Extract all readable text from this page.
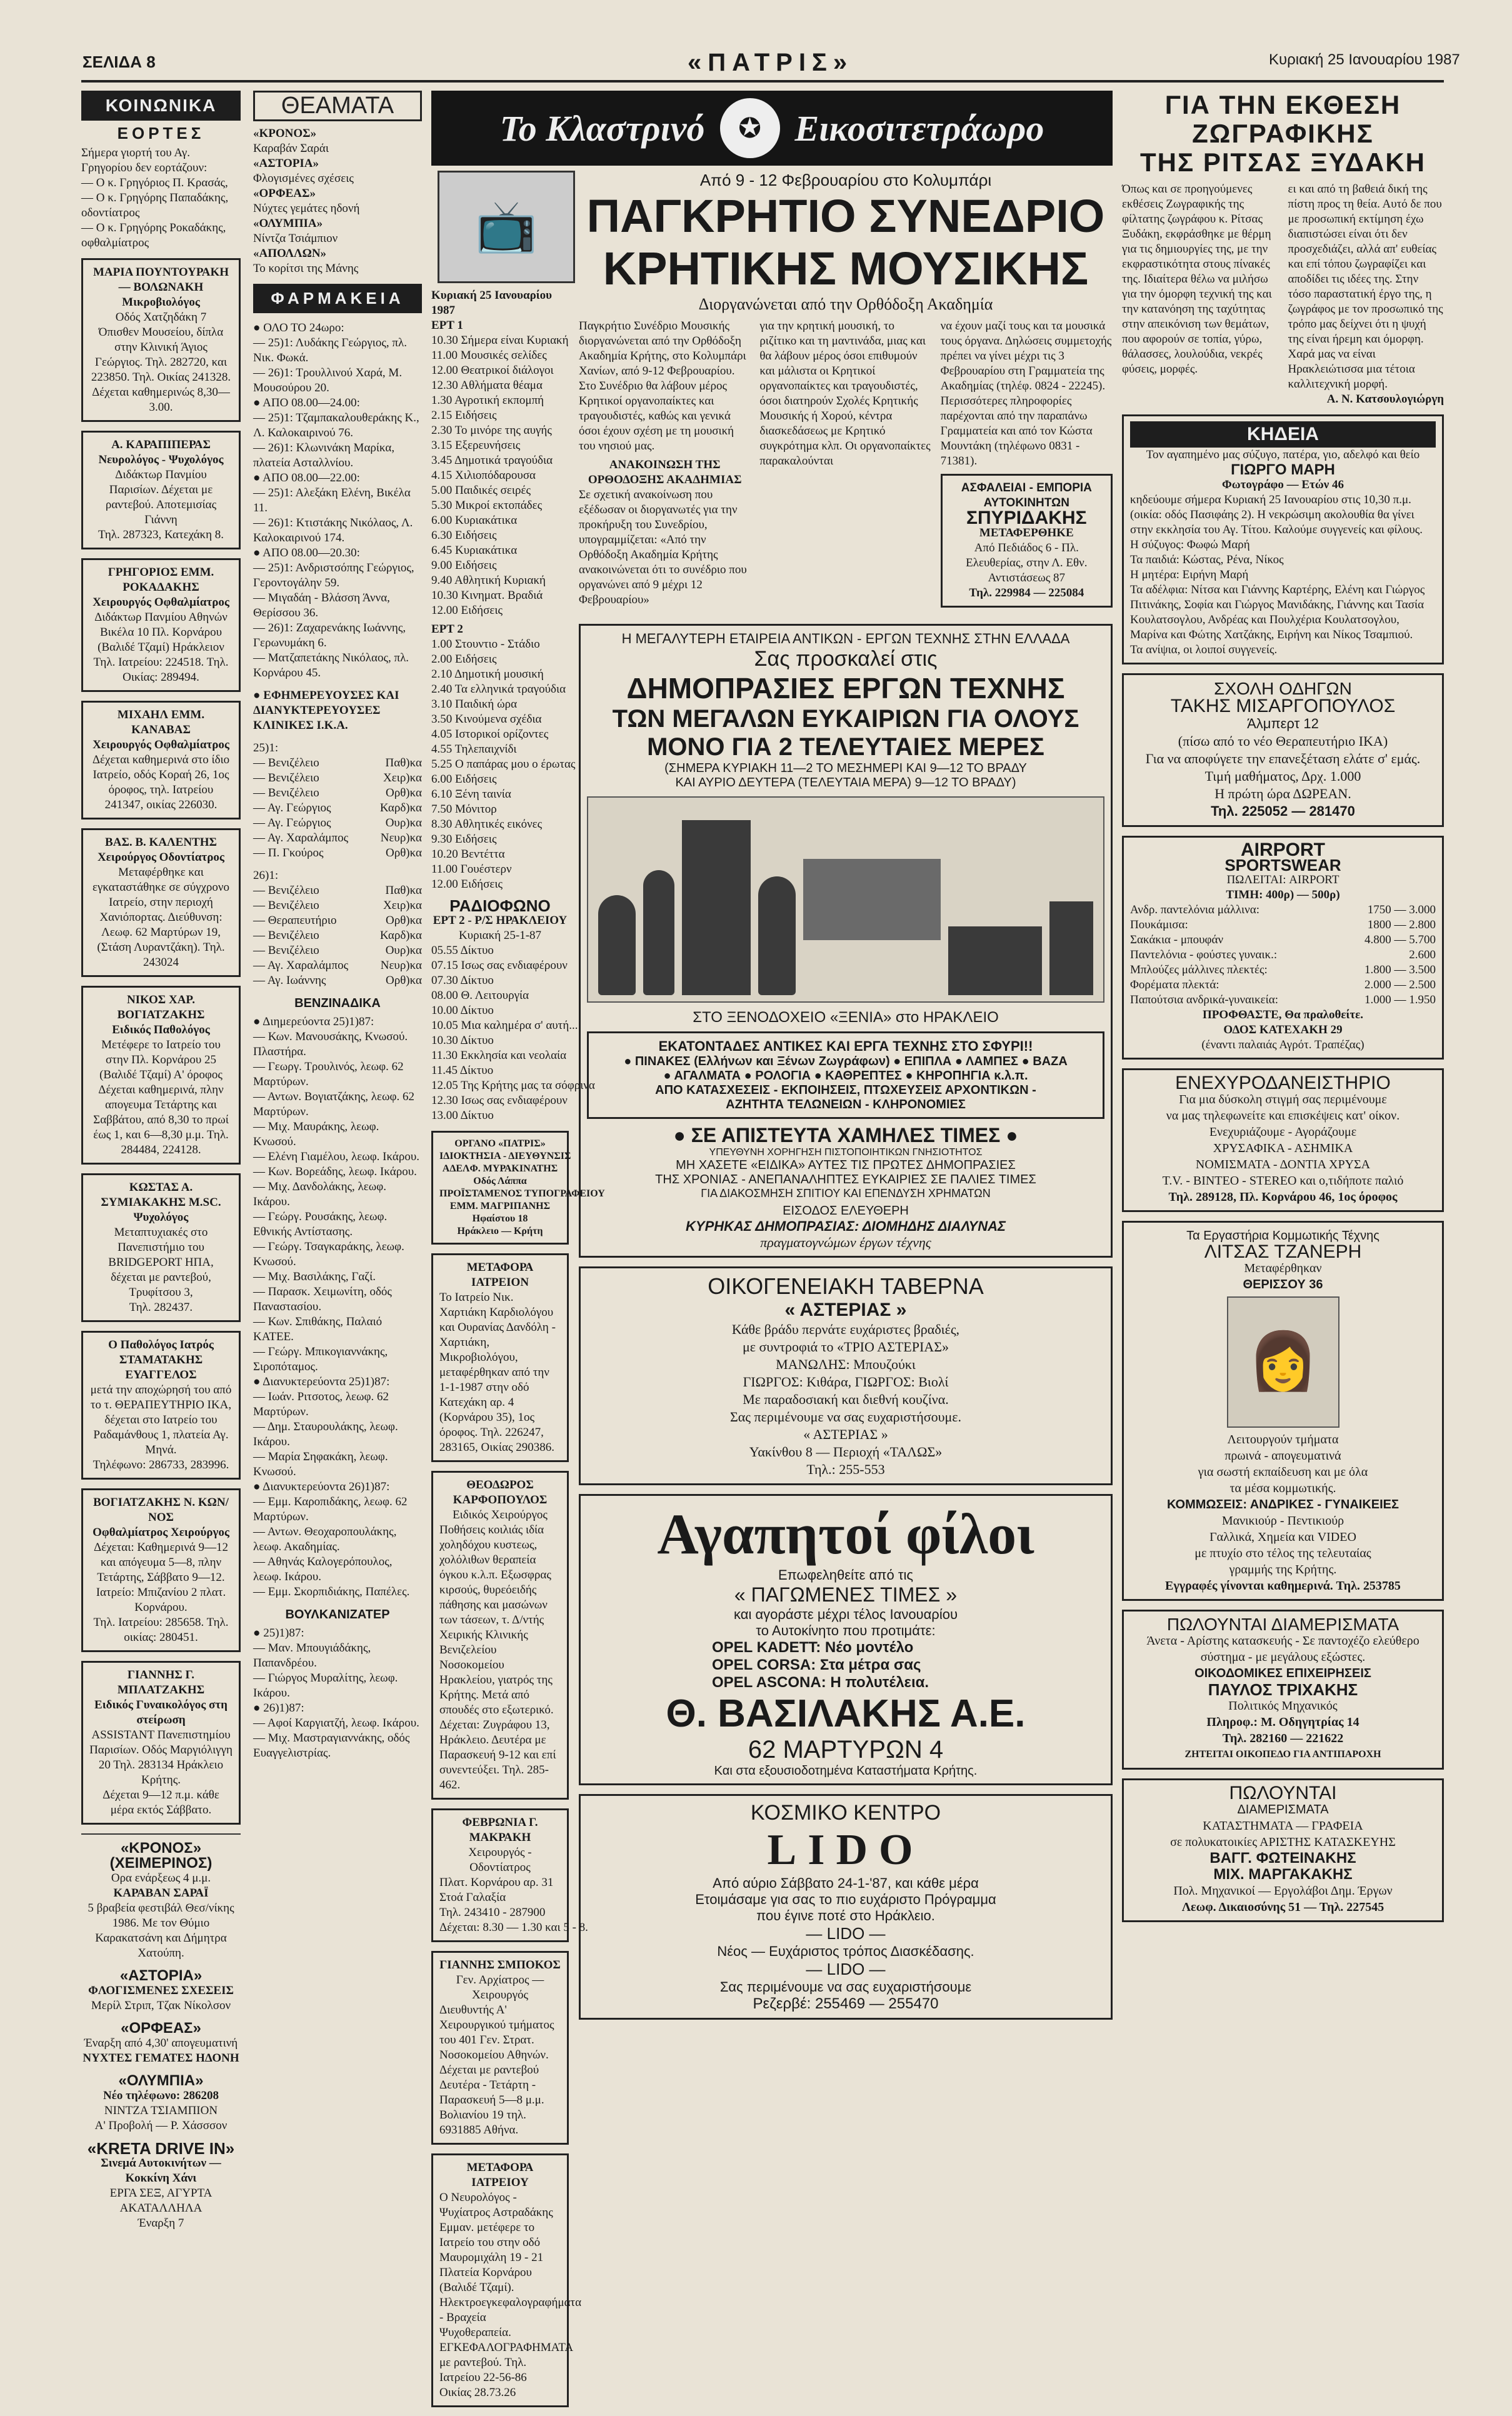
ΣΕΛΙΔΑ 8	«ΠΑΤΡΙΣ»	Κυριακή 25 Ιανουαρίου 1987
ΚΟΙΝΩΝΙΚΑ
ΕΟΡΤΕΣ
Σήμερα γιορτή του Αγ. Γρηγορίου δεν εορτάζουν:
— Ο κ. Γρηγόριος Π. Κρασάς,
— Ο κ. Γρηγόρης Παπαδάκης, οδοντίατρος
— Ο κ. Γρηγόρης Ροκαδάκης, οφθαλμίατρος
ΜΑΡΙΑ ΠΟΥΝΤΟΥΡΑΚΗ — ΒΟΛΩΝΑΚΗ
Μικροβιολόγος
Οδός Χατζηδάκη 7
Όπισθεν Μουσείου, δίπλα στην Κλινική Άγιος Γεώργιος. Τηλ. 282720, και 223850. Τηλ. Οικίας 241328. Δέχεται καθημερινώς 8,30—3.00.
Α. ΚΑΡΑΠΙΠΕΡΑΣ
Νευρολόγος - Ψυχολόγος
Διδάκτωρ Πανμίου Παρισίων. Δέχεται με ραντεβού. Αποτεμισίας Γιάννη
Τηλ. 287323, Κατεχάκη 8.
ΓΡΗΓΟΡΙΟΣ ΕΜΜ. ΡΟΚΑΔΑΚΗΣ
Χειρουργός Οφθαλμίατρος
Διδάκτωρ Πανμίου Αθηνών
Βικέλα 10 Πλ. Κορνάρου (Βαλιδέ Τζαμί) Ηράκλειον Τηλ. Ιατρείου: 224518. Τηλ. Οικίας: 289494.
ΜΙΧΑΗΛ ΕΜΜ. ΚΑΝΑΒΑΣ
Χειρουργός Οφθαλμίατρος
Δέχεται καθημερινά στο ίδιο Ιατρείο, οδός Κοραή 26, 1ος όροφος, τηλ. Ιατρείου 241347, οικίας 226030.
ΒΑΣ. Β. ΚΑΛΕΝΤΗΣ
Χειρούργος Οδοντίατρος
Μεταφέρθηκε και εγκαταστάθηκε σε σύγχρονο Ιατρείο, στην περιοχή Χανιόπορτας. Διεύθυνση:
Λεωφ. 62 Μαρτύρων 19, (Στάση Λυραντζάκη). Τηλ. 243024
ΝΙΚΟΣ ΧΑΡ. ΒΟΓΙΑΤΖΑΚΗΣ
Ειδικός Παθολόγος
Μετέφερε το Ιατρείο του στην Πλ. Κορνάρου 25 (Βαλιδέ Τζαμί) Α' όροφος
Δέχεται καθημερινά, πλην απογευμα Τετάρτης και Σαββάτου, από 8,30 το πρωί έως 1, και 6—8,30 μ.μ. Τηλ. 284484, 224128.
ΚΩΣΤΑΣ Α. ΣΥΜΙΑΚΑΚΗΣ M.SC.
Ψυχολόγος
Μεταπτυχιακές στο Πανεπιστήμιο του BRIDGEPORT ΗΠΑ, δέχεται με ραντεβού, Τρυφίτσου 3,
Τηλ. 282437.
Ο Παθολόγος Ιατρός ΣΤΑΜΑΤΑΚΗΣ ΕΥΑΓΓΕΛΟΣ
μετά την αποχώρησή του από το τ. ΘΕΡΑΠΕΥΤΗΡΙΟ ΙΚΑ, δέχεται στο Ιατρείο του Ραδαμάνθους 1, πλατεία Αγ. Μηνά.
Τηλέφωνο: 286733, 283996.
ΒΟΓΙΑΤΖΑΚΗΣ Ν. ΚΩΝ/ΝΟΣ
Οφθαλμίατρος Χειρούργος
Δέχεται: Καθημερινά 9—12 και απόγευμα 5—8, πλην Τετάρτης, Σάββατο 9—12. Ιατρείο: Μπιζανίου 2 πλατ. Κορνάρου.
Τηλ. Ιατρείου: 285658. Τηλ. οικίας: 280451.
ΓΙΑΝΝΗΣ Γ. ΜΠΛΑΤΖΑΚΗΣ
Ειδικός Γυναικολόγος στη στείρωση
ASSISTANT Πανεπιστημίου Παρισίων. Οδός Μαργιόλιγγη 20 Τηλ. 283134 Ηράκλειο Κρήτης.
Δέχεται 9—12 π.μ. κάθε μέρα εκτός Σάββατο.
«ΚΡΟΝΟΣ» (ΧΕΙΜΕΡΙΝΟΣ)
Ορα ενάρξεως 4 μ.μ.
ΚΑΡΑΒΑΝ ΣΑΡΑΪ
5 βραβεία φεστιβάλ Θεσ/νίκης 1986. Με τον Θύμιο Καρακατσάνη και Δήμητρα Χατούπη.
«ΑΣΤΟΡΙΑ»
ΦΛΟΓΙΣΜΕΝΕΣ ΣΧΕΣΕΙΣ
Μερίλ Στριπ, Τζακ Νίκολσον
«ΟΡΦΕΑΣ»
Έναρξη από 4,30' απογευματινή
ΝΥΧΤΕΣ ΓΕΜΑΤΕΣ ΗΔΟΝΗ
«ΟΛΥΜΠΙΑ»
Νέο τηλέφωνο: 286208
ΝΙΝΤΖΑ ΤΣΙΑΜΠΙΟΝ
Α' Προβολή — Ρ. Χάσσσον
«KRETA DRIVE IN»
Σινεμά Αυτοκινήτων — Κοκκίνη Χάνι
ΕΡΓΑ ΣΕΞ, ΑΓΥΡΤΑ ΑΚΑΤΑΛΛΗΛΑ
Έναρξη 7
ΘΕΑΜΑΤΑ
«ΚΡΟΝΟΣ»
Καραβάν Σαράι
«ΑΣΤΟΡΙΑ»
Φλογισμένες σχέσεις
«ΟΡΦΕΑΣ»
Νύχτες γεμάτες ηδονή
«ΟΛΥΜΠΙΑ»
Νίντζα Τσιάμπιον
«ΑΠΟΛΛΩΝ»
Το κορίτσι της Μάνης
ΦΑΡΜΑΚΕΙΑ
● ΟΛΟ ΤΟ 24ωρο:
— 25)1: Λυδάκης Γεώργιος, πλ. Νικ. Φωκά.
— 26)1: Τρουλλινού Χαρά, Μ. Μουσούρου 20.
● ΑΠΟ 08.00—24.00:
— 25)1: Τζαμπακαλουθεράκης Κ., Λ. Καλοκαιρινού 76.
— 26)1: Κλωνινάκη Μαρίκα, πλατεία Ασταλλνίου.
● ΑΠΟ 08.00—22.00:
— 25)1: Αλεξάκη Ελένη, Βικέλα 11.
— 26)1: Κτιστάκης Νικόλαος, Λ. Καλοκαιρινού 174.
● ΑΠΟ 08.00—20.30:
— 25)1: Ανδριστσόπης Γεώργιος, Γεροντογάλην 59.
— Μιγαδάη - Βλάσση Άννα, Θερίσσου 36.
— 26)1: Ζαχαρενάκης Ιωάννης, Γερωνυμάκη 6.
— Ματζαπετάκης Νικόλαος, πλ. Κορνάρου 45.
● ΕΦΗΜΕΡΕΥΟΥΣΕΣ ΚΑΙ ΔΙΑΝΥΚΤΕΡΕΥΟΥΣΕΣ ΚΛΙΝΙΚΕΣ Ι.Κ.Α.
25)1:
— Βενιζέλειο	Παθ)κα
— Βενιζέλειο	Χειρ)κα
— Βενιζέλειο	Ορθ)κα
— Αγ. Γεώργιος	Καρδ)κα
— Αγ. Γεώργιος	Ουρ)κα
— Αγ. Χαραλάμπος	Νευρ)κα
— Π. Γκούρος	Ορθ)κα
26)1:
— Βενιζέλειο	Παθ)κα
— Βενιζέλειο	Χειρ)κα
— Θεραπευτήριο	Ορθ)κα
— Βενιζέλειο	Καρδ)κα
— Βενιζέλειο	Ουρ)κα
— Αγ. Χαραλάμπος	Νευρ)κα
— Αγ. Ιωάννης	Ορθ)κα
ΒΕΝΖΙΝΑΔΙΚΑ
● Διημερεύοντα 25)1)87:
— Κων. Μανουσάκης, Κνωσού. Πλαστήρα.
— Γεωργ. Τρουλινός, λεωφ. 62 Μαρτύρων.
— Αντων. Βογιατζάκης, λεωφ. 62 Μαρτύρων.
— Μιχ. Μαυράκης, λεωφ. Κνωσού.
— Ελένη Γιαμέλου, λεωφ. Ικάρου.
— Κων. Βορεάδης, λεωφ. Ικάρου.
— Μιχ. Δανδολάκης, λεωφ. Ικάρου.
— Γεώργ. Ρουσάκης, λεωφ. Εθνικής Αντίστασης.
— Γεώργ. Τσαγκαράκης, λεωφ. Κνωσού.
— Μιχ. Βασιλάκης, Γαζί.
— Παρασκ. Χειμωνίτη, οδός Παναστασίου.
— Κων. Σπιθάκης, Παλαιό ΚΑΤΕΕ.
— Γεώργ. Μπικογιαννάκης, Σιροπόταμος.
● Διανυκτερεύοντα 25)1)87:
— Ιωάν. Ριτσοτος, λεωφ. 62 Μαρτύρων.
— Δημ. Σταυρουλάκης, λεωφ. Ικάρου.
— Μαρία Σηφακάκη, λεωφ. Κνωσού.
● Διανυκτερεύοντα 26)1)87:
— Εμμ. Καροπιδάκης, λεωφ. 62 Μαρτύρων.
— Αντων. Θεοχαροπουλάκης, λεωφ. Ακαδημίας.
— Αθηνάς Καλογερόπουλος, λεωφ. Ικάρου.
— Εμμ. Σκορπιδιάκης, Παπέλες.
ΒΟΥΛΚΑΝΙΖΑΤΕΡ
● 25)1)87:
— Μαν. Μπουγιάδάκης, Παπανδρέου.
— Γιώργος Μυραλίτης, λεωφ. Ικάρου.
● 26)1)87:
— Αφοί Καργιατζή, λεωφ. Ικάρου.
— Μιχ. Μαστραγιαννάκης, οδός Ευαγγελιστρίας.
Το Κλαστρινό	✪ Εικοσιτετράωρο
📺
Κυριακή 25 Ιανουαρίου 1987
ΕΡΤ 1
10.30 Σήμερα είναι Κυριακή
11.00 Μουσικές σελίδες
12.00 Θεατρικοί διάλογοι
12.30 Αθλήματα θέαμα
1.30 Αγροτική εκπομπή
2.15 Ειδήσεις
2.30 Το μινόρε της αυγής
3.15 Εξερευνήσεις
3.45 Δημοτικά τραγούδια
4.15 Χιλιοπόδαρουσα
5.00 Παιδικές σειρές
5.30 Μικροί εκτοπάδες
6.00 Κυριακάτικα
6.30 Ειδήσεις
6.45 Κυριακάτικα
9.00 Ειδήσεις
9.40 Αθλητική Κυριακή
10.30 Κινηματ. Βραδιά
12.00 Ειδήσεις
ΕΡΤ 2
1.00 Στουντιο - Στάδιο
2.00 Ειδήσεις
2.10 Δημοτική μουσική
2.40 Τα ελληνικά τραγούδια
3.10 Παιδική ώρα
3.50 Κινούμενα σχέδια
4.05 Ιστορικοί ορίζοντες
4.55 Τηλεπαιχνίδι
5.25 Ο παπάρας μου ο έρωτας
6.00 Ειδήσεις
6.10 Ξένη ταινία
7.50 Μόνιτορ
8.30 Αθλητικές εικόνες
9.30 Ειδήσεις
10.20 Βεντέττα
11.00 Γουέστερν
12.00 Ειδήσεις
ΡΑΔΙΟΦΩΝΟ
ΕΡΤ 2 - Ρ/Σ ΗΡΑΚΛΕΙΟΥ
Κυριακή 25-1-87
05.55 Δίκτυο
07.15 Ισως σας ενδιαφέρουν
07.30 Δίκτυο
08.00 Θ. Λειτουργία
10.00 Δίκτυο
10.05 Μια καλημέρα σ' αυτή...
10.30 Δίκτυο
11.30 Εκκλησία και νεολαία
11.45 Δίκτυο
12.05 Της Κρήτης μας τα σόφρινα
12.30 Ισως σας ενδιαφέρουν
13.00 Δίκτυο
ΟΡΓΑΝΟ «ΠΑΤΡΙΣ»
ΙΔΙΟΚΤΗΣΙΑ - ΔΙΕΥΘΥΝΣΙΣ
ΑΔΕΛΦ. ΜΥΡΑΚΙΝΑΤΗΣ
Οδός Λάππα
ΠΡΟΪΣΤΑΜΕΝΟΣ ΤΥΠΟΓΡΑΦΕΙΟΥ
ΕΜΜ. ΜΑΓΡΙΠΑΝΗΣ
Ηφαίστου 18
Ηράκλειο — Κρήτη
ΜΕΤΑΦΟΡΑ ΙΑΤΡΕΙΟΝ
Το Ιατρείο Νικ. Χαρτιάκη Καρδιολόγου και Ουρανίας Δανδόλη - Χαρτιάκη, Μικροβιολόγου, μεταφέρθηκαν από την 1-1-1987 στην οδό Κατεχάκη αρ. 4 (Κορνάρου 35), 1ος όροφος. Τηλ. 226247, 283165, Οικίας 290386.
ΘΕΟΔΩΡΟΣ ΚΑΡΦΟΠΟΥΛΟΣ
Ειδικός Χειρούργος
Ποθήσεις κοιλιάς ιδία χοληδόχου κυστεως, χολόλιθων θεραπεία όγκου κ.λ.π. Εξωσφρας κιρσούς, θυρεόειδής πάθησης και μασώνων των τάσεων, τ. Δ/ντής Χειρικής Κλινικής Βενιζελείου Νοσοκομείου Ηρακλείου, γιατρός της Κρήτης. Μετά από σπουδές στο εξωτερικό. Δέχεται: Ζυγράφου 13, Ηράκλειο. Δευτέρα με Παρασκευή 9-12 και επί συνεντεύξει. Τηλ. 285-462.
ΦΕΒΡΩΝΙΑ Γ. ΜΑΚΡΑΚΗ
Χειρουργός - Οδοντίατρος
Πλατ. Κορνάρου αρ. 31
Στοά Γαλαξία
Τηλ. 243410 - 287900
Δέχεται: 8.30 — 1.30 και 5 - 8.
ΓΙΑΝΝΗΣ ΣΜΠΟΚΟΣ
Γεν. Αρχίατρος — Χειρουργός
Διευθυντής Α' Χειρουργικού τμήματος του 401 Γεν. Στρατ. Νοσοκομείου Αθηνών. Δέχεται με ραντεβού Δευτέρα - Τετάρτη - Παρασκευή 5—8 μ.μ. Βολιανίου 19 τηλ. 6931885 Αθήνα.
ΜΕΤΑΦΟΡΑ ΙΑΤΡΕΙΟΥ
Ο Νευρολόγος - Ψυχίατρος Αστραδάκης Εμμαν. μετέφερε το Ιατρείο του στην οδό Μαυρομιχάλη 19 - 21 Πλατεία Κορνάρου (Βαλιδέ Τζαμί). Ηλεκτροεγκεφαλογραφήματα - Βραχεία Ψυχοθεραπεία. ΕΓΚΕΦΑΛΟΓΡΑΦΗΜΑΤΑ με ραντεβού. Τηλ. Ιατρείου 22-56-86 Οικίας 28.73.26
Από 9 - 12 Φεβρουαρίου στο Κολυμπάρι
ΠΑΓΚΡΗΤΙΟ ΣΥΝΕΔΡΙΟ
ΚΡΗΤΙΚΗΣ ΜΟΥΣΙΚΗΣ
Διοργανώνεται από την Ορθόδοξη Ακαδημία
Παγκρήτιο Συνέδριο Μουσικής διοργανώνεται από την Ορθόδοξη Ακαδημία Κρήτης, στο Κολυμπάρι Χανίων, από 9-12 Φεβρουαρίου. Στο Συνέδριο θα λάβουν μέρος Κρητικοί οργανοπαίκτες και τραγουδιστές, καθώς και γενικά όσοι έχουν σχέση με τη μουσική του νησιού μας.
ΑΝΑΚΟΙΝΩΣΗ ΤΗΣ ΟΡΘΟΔΟΞΗΣ ΑΚΑΔΗΜΙΑΣ
Σε σχετική ανακοίνωση που εξέδωσαν οι διοργανωτές για την προκήρυξη του Συνεδρίου, υπογραμμίζεται: «Από την Ορθόδοξη Ακαδημία Κρήτης ανακοινώνεται ότι το συνέδριο που οργανώνει από 9 μέχρι 12 Φεβρουαρίου»
για την κρητική μουσική, το ριζίτικο και τη μαντινάδα, μιας και θα λάβουν μέρος όσοι επιθυμούν και μάλιστα οι Κρητικοί οργανοπαίκτες και τραγουδιστές, όσοι διατηρούν Σχολές Κρητικής Μουσικής ή Χορού, κέντρα διασκεδάσεως με Κρητικό συγκρότημα κλπ. Οι οργανοπαίκτες παρακαλούνται
να έχουν μαζί τους και τα μουσικά τους όργανα. Δηλώσεις συμμετοχής πρέπει να γίνει μέχρι τις 3 Φεβρουαρίου στη Γραμματεία της Ακαδημίας (τηλέφ. 0824 - 22245). Περισσότερες πληροφορίες παρέχονται από την παραπάνω Γραμματεία και από τον Κώστα Μουντάκη (τηλέφωνο 0831 - 71381).
ΑΣΦΑΛΕΙΑΙ - ΕΜΠΟΡΙΑ ΑΥΤΟΚΙΝΗΤΩΝ
ΣΠΥΡΙΔΑΚΗΣ
ΜΕΤΑΦΕΡΘΗΚΕ
Από Πεδιάδος 6 - Πλ. Ελευθερίας, στην Λ. Εθν. Αντιστάσεως 87
Τηλ. 229984 — 225084
Η ΜΕΓΑΛΥΤΕΡΗ ΕΤΑΙΡΕΙΑ ΑΝΤΙΚΩΝ - ΕΡΓΩΝ ΤΕΧΝΗΣ ΣΤΗΝ ΕΛΛΑΔΑ
Σας προσκαλεί στις
ΔΗΜΟΠΡΑΣΙΕΣ ΕΡΓΩΝ ΤΕΧΝΗΣ
ΤΩΝ ΜΕΓΑΛΩΝ ΕΥΚΑΙΡΙΩΝ ΓΙΑ ΟΛΟΥΣ
ΜΟΝΟ ΓΙΑ 2 ΤΕΛΕΥΤΑΙΕΣ ΜΕΡΕΣ
(ΣΗΜΕΡΑ ΚΥΡΙΑΚΗ 11—2 ΤΟ ΜΕΣΗΜΕΡΙ ΚΑΙ 9—12 ΤΟ ΒΡΑΔΥ
ΚΑΙ ΑΥΡΙΟ ΔΕΥΤΕΡΑ (ΤΕΛΕΥΤΑΙΑ ΜΕΡΑ) 9—12 ΤΟ ΒΡΑΔΥ)
ΣΤΟ ΞΕΝΟΔΟΧΕΙΟ «ΞΕΝΙΑ» στο ΗΡΑΚΛΕΙΟ
ΕΚΑΤΟΝΤΑΔΕΣ ΑΝΤΙΚΕΣ ΚΑΙ ΕΡΓΑ ΤΕΧΝΗΣ ΣΤΟ ΣΦΥΡΙ!!
● ΠΙΝΑΚΕΣ (Ελλήνων και Ξένων Ζωγράφων) ● ΕΠΙΠΛΑ ● ΛΑΜΠΕΣ ● ΒΑΖΑ
● ΑΓΑΛΜΑΤΑ ● ΡΟΛΟΓΙΑ ● ΚΑΘΡΕΠΤΕΣ ● ΚΗΡΟΠΗΓΙΑ κ.λ.π.
ΑΠΟ ΚΑΤΑΣΧΕΣΕΙΣ - ΕΚΠΟΙΗΣΕΙΣ, ΠΤΩΧΕΥΣΕΙΣ ΑΡΧΟΝΤΙΚΩΝ -
ΑΖΗΤΗΤΑ ΤΕΛΩΝΕΙΩΝ - ΚΛΗΡΟΝΟΜΙΕΣ
● ΣΕ ΑΠΙΣΤΕΥΤΑ ΧΑΜΗΛΕΣ ΤΙΜΕΣ ●
ΥΠΕΥΘΥΝΗ ΧΟΡΗΓΗΣΗ ΠΙΣΤΟΠΟΙΗΤΙΚΩΝ ΓΝΗΣΙΟΤΗΤΟΣ
ΜΗ ΧΑΣΕΤΕ «ΕΙΔΙΚΑ» ΑΥΤΕΣ ΤΙΣ ΠΡΩΤΕΣ ΔΗΜΟΠΡΑΣΙΕΣ
ΤΗΣ ΧΡΟΝΙΑΣ - ΑΝΕΠΑΝΑΛΗΠΤΕΣ ΕΥΚΑΙΡΙΕΣ ΣΕ ΠΑΛΙΕΣ ΤΙΜΕΣ
ΓΙΑ ΔΙΑΚΟΣΜΗΣΗ ΣΠΙΤΙΟΥ ΚΑΙ ΕΠΕΝΔΥΣΗ ΧΡΗΜΑΤΩΝ
ΕΙΣΟΔΟΣ ΕΛΕΥΘΕΡΗ
ΚΥΡΗΚΑΣ ΔΗΜΟΠΡΑΣΙΑΣ: ΔΙΟΜΗΔΗΣ ΔΙΑΛΥΝΑΣ
πραγματογνώμων έργων τέχνης
ΟΙΚΟΓΕΝΕΙΑΚΗ ΤΑΒΕΡΝΑ
« ΑΣΤΕΡΙΑΣ »
Κάθε βράδυ περνάτε ευχάριστες βραδιές,
με συντροφιά το «ΤΡΙΟ ΑΣΤΕΡΙΑΣ»
ΜΑΝΩΛΗΣ: Μπουζούκι
ΓΙΩΡΓΟΣ: Κιθάρα, ΓΙΩΡΓΟΣ: Βιολί
Με παραδοσιακή και διεθνή κουζίνα.
Σας περιμένουμε να σας ευχαριστήσουμε.
« ΑΣΤΕΡΙΑΣ »
Υακίνθου 8 — Περιοχή «ΤΑΛΩΣ»
Τηλ.: 255-553
Αγαπητοί φίλοι
Επωφεληθείτε από τις
« ΠΑΓΩΜΕΝΕΣ ΤΙΜΕΣ »
και αγοράστε μέχρι τέλος Ιανουαρίου
το Αυτοκίνητο που προτιμάτε:
OPEL KADETT: Νέο μοντέλο
OPEL CORSA: Στα μέτρα σας
OPEL ASCONA: Η πολυτέλεια.
Θ. ΒΑΣΙΛΑΚΗΣ Α.Ε.
62 ΜΑΡΤΥΡΩΝ 4
Και στα εξουσιοδοτημένα Καταστήματα Κρήτης.
ΚΟΣΜΙΚΟ ΚΕΝΤΡΟ
LIDO
Από αύριο Σάββατο 24-1-'87, και κάθε μέρα
Ετοιμάσαμε για σας το πιο ευχάριστο Πρόγραμμα
που έγινε ποτέ στο Ηράκλειο.
— LIDO —
Νέος — Ευχάριστος τρόπος Διασκέδασης.
— LIDO —
Σας περιμένουμε να σας ευχαριστήσουμε
Ρεζερβέ: 255469 — 255470
ΓΙΑ ΤΗΝ ΕΚΘΕΣΗ ΖΩΓΡΑΦΙΚΗΣ
ΤΗΣ ΡΙΤΣΑΣ ΞΥΔΑΚΗ
Όπως και σε προηγούμενες εκθέσεις Ζωγραφικής της φίλτατης ζωγράφου κ. Ρίτσας Ξυδάκη, εκφράσθηκε με θέρμη για τις δημιουργίες της, με την εκφραστικότητα στους πίνακές της. Ιδιαίτερα θέλω να μιλήσω για την όμορφη τεχνική της και την κατανόηση της ταχύτητας στην απεικόνιση των θεμάτων, που αφορούν σε τοπία, γύρω, θάλασσες, λουλούδια, νεκρές φύσεις, μορφές.
ει και από τη βαθειά δική της πίστη προς τη θεία. Αυτό δε που με προσωπική εκτίμηση έχω διαπιστώσει είναι ότι δεν προσχεδιάζει, αλλά απ' ευθείας και επί τόπου ζωγραφίζει και αποδίδει τις ιδέες της. Στην τόσο παραστατική έργο της, η ζωγράφος με τον προσωπικό της τρόπο μας δείχνει ότι η ψυχή της είναι ήρεμη και όμορφη. Χαρά μας να είναι Ηρακλειώτισσα μια τέτοια καλλιτεχνική μορφή.
Α. Ν. Κατσουλογιώργη
ΚΗΔΕΙΑ
Τον αγαπημένο μας σύζυγο, πατέρα, γιο, αδελφό και θείο
ΓΙΩΡΓΟ ΜΑΡΗ
Φωτογράφο — Ετών 46
κηδεύουμε σήμερα Κυριακή 25 Ιανουαρίου στις 10,30 π.μ. (οικία: οδός Πασιφάης 2). Η νεκρώσιμη ακολουθία θα γίνει στην εκκλησία του Αγ. Τίτου. Καλούμε συγγενείς και φίλους.
Η σύζυγος: Φωφώ Μαρή
Τα παιδιά: Κώστας, Ρένα, Νίκος
Η μητέρα: Ειρήνη Μαρή
Τα αδέλφια: Νίτσα και Γιάννης Καρτέρης, Ελένη και Γιώργος Πιτινάκης, Σοφία και Γιώργος Μανιδάκης, Γιάννης και Τασία Κουλατσογλου, Ανδρέας και Πουλχέρια Κουλατσογλου, Μαρίνα και Φώτης Χατζάκης, Ειρήνη και Νίκος Τσαμπιού.
Τα ανίψια, οι λοιποί συγγενείς.
ΣΧΟΛΗ ΟΔΗΓΩΝ
ΤΑΚΗΣ ΜΙΣΑΡΓΟΠΟΥΛΟΣ
Άλμπερτ 12
(πίσω από το νέο Θεραπευτήριο ΙΚΑ)
Για να αποφύγετε την επανεξέταση ελάτε σ' εμάς.
Τιμή μαθήματος, Δρχ. 1.000
Η πρώτη ώρα ΔΩΡΕΑΝ.
Τηλ. 225052 — 281470
AIRPORT
SPORTSWEAR
ΠΩΛΕΙΤΑΙ: AIRPORT
ΤΙΜΗ: 400ρ) — 500ρ)
Ανδρ. παντελόνια μάλλινα:	1750 — 3.000
Πουκάμισα:	1800 — 2.800
Σακάκια - μπουφάν	4.800 — 5.700
Παντελόνια - φούστες γυναικ.:	2.600
Μπλούζες μάλλινες πλεκτές:	1.800 — 3.500
Φορέματα πλεκτά:	2.000 — 2.500
Παπούτσια ανδρικά-γυναικεία:	1.000 — 1.950
ΠΡΟΦΘΑΣΤΕ, Θα πραλοθείτε.
ΟΔΟΣ ΚΑΤΕΧΑΚΗ 29
(έναντι παλαιάς Αγρότ. Τραπέζας)
ΕΝΕΧΥΡΟΔΑΝΕΙΣΤΗΡΙΟ
Για μια δύσκολη στιγμή σας περιμένουμε
να μας τηλεφωνείτε και επισκέψεις κατ' οίκον.
Ενεχυριάζουμε - Αγοράζουμε
ΧΡΥΣΑΦΙΚΑ - ΑΣΗΜΙΚΑ
ΝΟΜΙΣΜΑΤΑ - ΔΟΝΤΙΑ ΧΡΥΣΑ
T.V. - ΒΙΝΤΕΟ - STEREO και ο,τιδήποτε παλιό
Τηλ. 289128, Πλ. Κορνάρου 46, 1ος όροφος
Τα Εργαστήρια Κομμωτικής Τέχνης
ΛΙΤΣΑΣ ΤΖΑΝΕΡΗ
Μεταφέρθηκαν
ΘΕΡΙΣΣΟΥ 36
👩
Λειτουργούν τμήματα
πρωινά - απογευματινά
για σωστή εκπαίδευση και με όλα
τα μέσα κομμωτικής.
ΚΟΜΜΩΣΕΙΣ: ΑΝΔΡΙΚΕΣ - ΓΥΝΑΙΚΕΙΕΣ
Μανικιούρ - Πεντικιούρ
Γαλλικά, Χημεία και VIDEO
με πτυχίο στο τέλος της τελευταίας
γραμμής της Κρήτης.
Εγγραφές γίνονται καθημερινά. Τηλ. 253785
ΠΩΛΟΥΝΤΑΙ ΔΙΑΜΕΡΙΣΜΑΤΑ
Άνετα - Αρίστης κατασκευής - Σε παντοχέζο ελεύθερο σύστημα - με μεγάλους εξώστες.
ΟΙΚΟΔΟΜΙΚΕΣ ΕΠΙΧΕΙΡΗΣΕΙΣ
ΠΑΥΛΟΣ ΤΡΙΧΑΚΗΣ
Πολιτικός Μηχανικός
Πληροφ.: Μ. Οδηγητρίας 14
Τηλ. 282160 — 221622
ΖΗΤΕΙΤΑΙ ΟΙΚΟΠΕΔΟ ΓΙΑ ΑΝΤΙΠΑΡΟΧΗ
ΠΩΛΟΥΝΤΑΙ
ΔΙΑΜΕΡΙΣΜΑΤΑ
ΚΑΤΑΣΤΗΜΑΤΑ — ΓΡΑΦΕΙΑ
σε πολυκατοικίες ΑΡΙΣΤΗΣ ΚΑΤΑΣΚΕΥΗΣ
ΒΑΓΓ. ΦΩΤΕΙΝΑΚΗΣ
ΜΙΧ. ΜΑΡΓΑΚΑΚΗΣ
Πολ. Μηχανικοί — Εργολάβοι Δημ. Έργων
Λεωφ. Δικαιοσύνης 51 — Τηλ. 227545
